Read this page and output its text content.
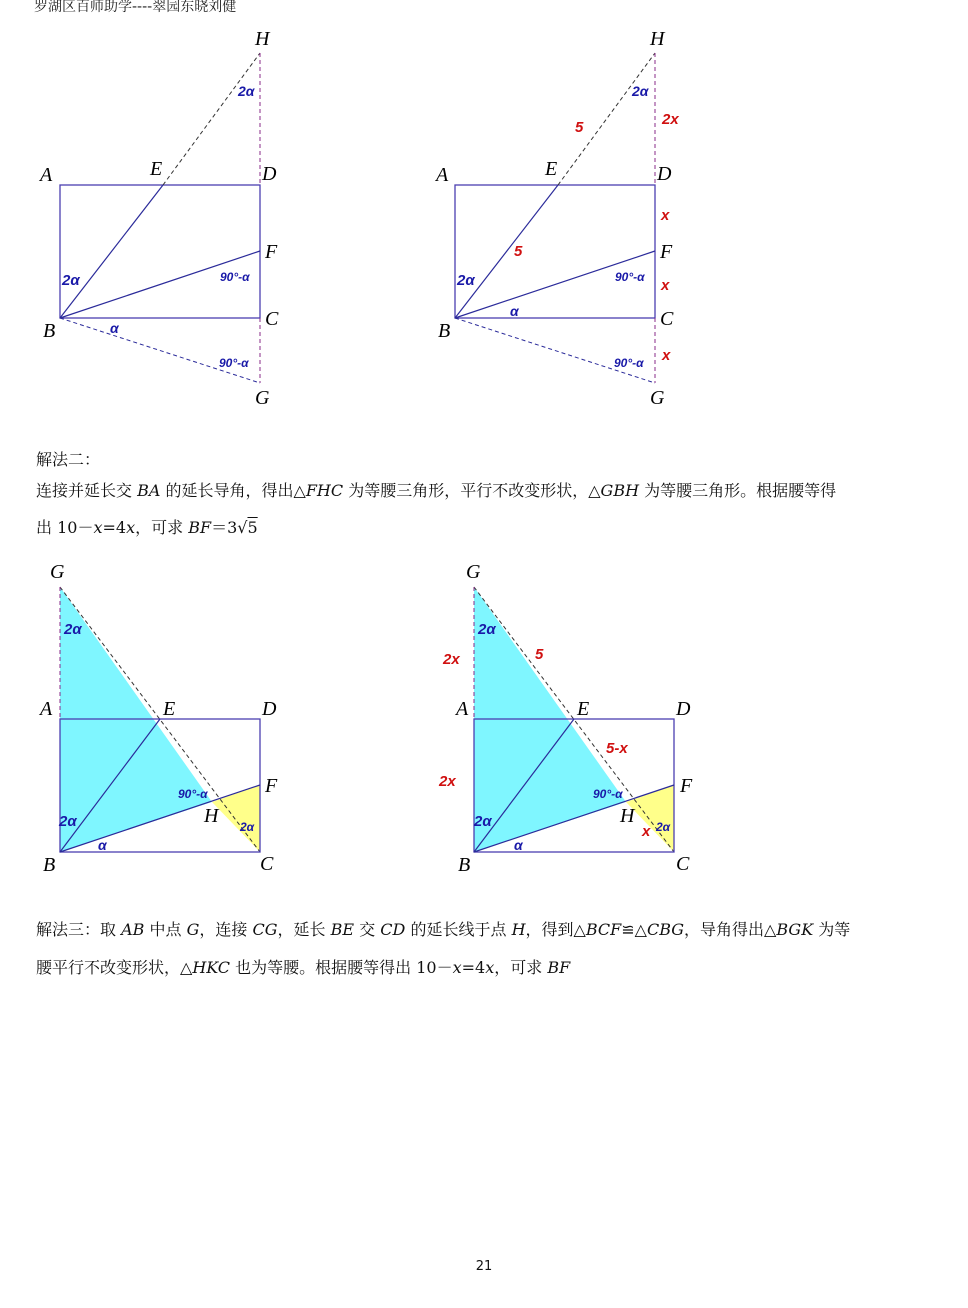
罗湖区百师助学----翠园东晓刘健
A
B
C
D
E
F
G
H
2α
2α	90°-α
α
90°-α
A
B
C
D
E
F
G
H
2α
2x
5
5
x
x
x
2α	90°-α
α
90°-α
G
A	E	D
F
H
B	C
2α
2α
90°-α
2α
α
G
A	E	D
F
H
B	C
2α
2x	5
2x
5-x
x
2α
90°-α
2α
α
解法二：
连接并延长交 BA 的延长导角，得出△FHC 为等腰三角形，平行不改变形状，△GBH 为等腰三角形。根据腰等得
出 10－x=4x，可求 BF＝3√5
解法三：取 AB 中点 G，连接 CG，延长 BE 交 CD 的延长线于点 H，得到△BCF≌△CBG，导角得出△BGK 为等
腰平行不改变形状，△HKC 也为等腰。根据腰等得出 10－x=4x，可求 BF
21
